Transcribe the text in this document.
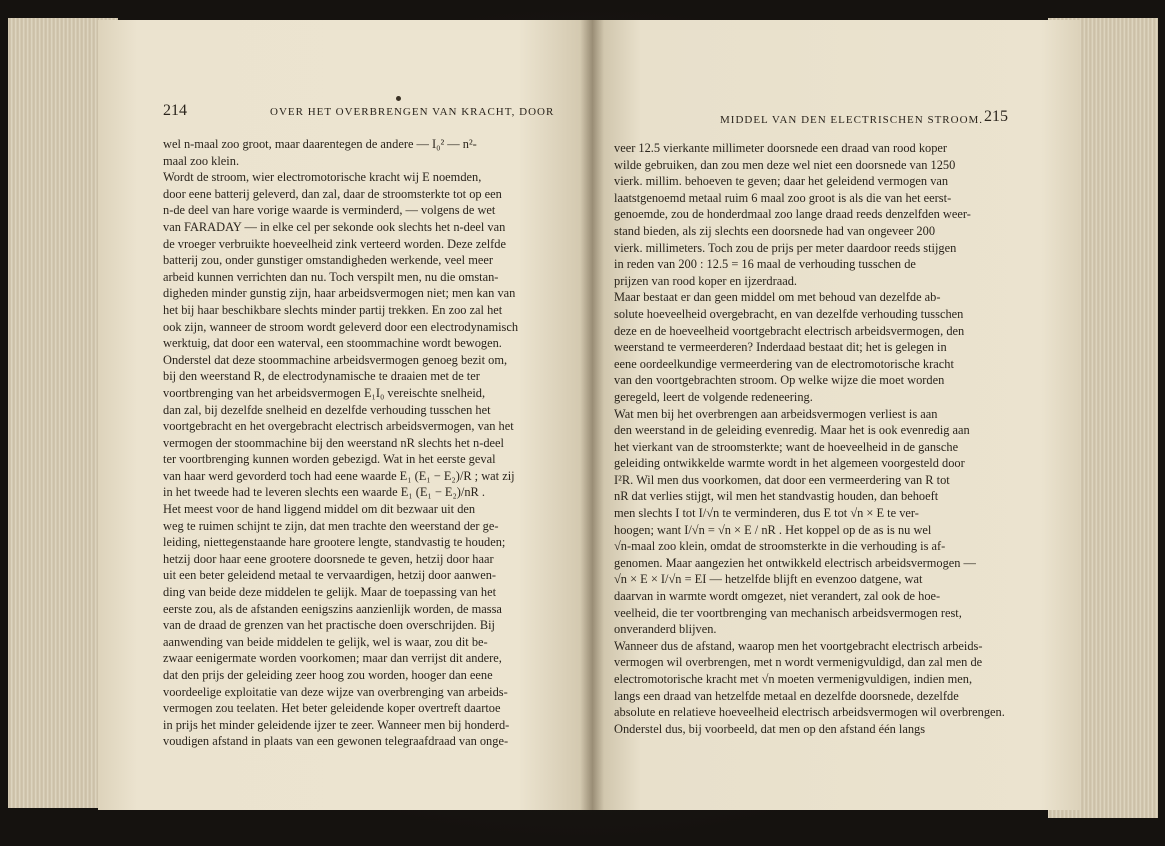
214	OVER HET OVERBRENGEN VAN KRACHT, DOOR
wel n-maal zoo groot, maar daarentegen de andere — I₀² — n²-
maal zoo klein.
Wordt de stroom, wier electromotorische kracht wij E noemden,
door eene batterij geleverd, dan zal, daar de stroomsterkte tot op een
n-de deel van hare vorige waarde is verminderd, — volgens de wet
van FARADAY — in elke cel per sekonde ook slechts het n-deel van
de vroeger verbruikte hoeveelheid zink verteerd worden. Deze zelfde
batterij zou, onder gunstiger omstandigheden werkende, veel meer
arbeid kunnen verrichten dan nu. Toch verspilt men, nu die omstan-
digheden minder gunstig zijn, haar arbeidsvermogen niet; men kan van
het bij haar beschikbare slechts minder partij trekken. En zoo zal het
ook zijn, wanneer de stroom wordt geleverd door een electrodynamisch
werktuig, dat door een waterval, een stoommachine wordt bewogen.
Onderstel dat deze stoommachine arbeidsvermogen genoeg bezit om,
bij den weerstand R, de electrodynamische te draaien met de ter
voortbrenging van het arbeidsvermogen E₁I₀ vereischte snelheid,
dan zal, bij dezelfde snelheid en dezelfde verhouding tusschen het
voortgebracht en het overgebracht electrisch arbeidsvermogen, van het
vermogen der stoommachine bij den weerstand nR slechts het n-deel
ter voortbrenging kunnen worden gebezigd. Wat in het eerste geval
van haar werd gevorderd toch had eene waarde E₁ (E₁ − E₂)/R ; wat zij
in het tweede had te leveren slechts een waarde E₁ (E₁ − E₂)/nR .
Het meest voor de hand liggend middel om dit bezwaar uit den
weg te ruimen schijnt te zijn, dat men trachte den weerstand der ge-
leiding, niettegenstaande hare grootere lengte, standvastig te houden;
hetzij door haar eene grootere doorsnede te geven, hetzij door haar
uit een beter geleidend metaal te vervaardigen, hetzij door aanwen-
ding van beide deze middelen te gelijk. Maar de toepassing van het
eerste zou, als de afstanden eenigszins aanzienlijk worden, de massa
van de draad de grenzen van het practische doen overschrijden. Bij
aanwending van beide middelen te gelijk, wel is waar, zou dit be-
zwaar eenigermate worden voorkomen; maar dan verrijst dit andere,
dat den prijs der geleiding zeer hoog zou worden, hooger dan eene
voordeelige exploitatie van deze wijze van overbrenging van arbeids-
vermogen zou teelaten. Het beter geleidende koper overtreft daartoe
in prijs het minder geleidende ijzer te zeer. Wanneer men bij honderd-
voudigen afstand in plaats van een gewonen telegraafdraad van onge-
MIDDEL VAN DEN ELECTRISCHEN STROOM. 215
veer 12.5 vierkante millimeter doorsnede een draad van rood koper
wilde gebruiken, dan zou men deze wel niet een doorsnede van 1250
vierk. millim. behoeven te geven; daar het geleidend vermogen van
laatstgenoemd metaal ruim 6 maal zoo groot is als die van het eerst-
genoemde, zou de honderdmaal zoo lange draad reeds denzelfden weer-
stand bieden, als zij slechts een doorsnede had van ongeveer 200
vierk. millimeters. Toch zou de prijs per meter daardoor reeds stijgen
in reden van 200 : 12.5 = 16 maal de verhouding tusschen de
prijzen van rood koper en ijzerdraad.
Maar bestaat er dan geen middel om met behoud van dezelfde ab-
solute hoeveelheid overgebracht, en van dezelfde verhouding tusschen
deze en de hoeveelheid voortgebracht electrisch arbeidsvermogen, den
weerstand te vermeerderen? Inderdaad bestaat dit; het is gelegen in
eene oordeelkundige vermeerdering van de electromotorische kracht
van den voortgebrachten stroom. Op welke wijze die moet worden
geregeld, leert de volgende redeneering.
Wat men bij het overbrengen aan arbeidsvermogen verliest is aan
den weerstand in de geleiding evenredig. Maar het is ook evenredig aan
het vierkant van de stroomsterkte; want de hoeveelheid in de gansche
geleiding ontwikkelde warmte wordt in het algemeen voorgesteld door
I²R. Wil men dus voorkomen, dat door een vermeerdering van R tot
nR dat verlies stijgt, wil men het standvastig houden, dan behoeft
men slechts I tot I/√n te verminderen, dus E tot √n × E te ver-
hoogen; want I/√n = √n × E / nR . Het koppel op de as is nu wel
√n-maal zoo klein, omdat de stroomsterkte in die verhouding is af-
genomen. Maar aangezien het ontwikkeld electrisch arbeidsvermogen —
√n × E × I/√n = EI — hetzelfde blijft en evenzoo datgene, wat
daarvan in warmte wordt omgezet, niet verandert, zal ook de hoe-
veelheid, die ter voortbrenging van mechanisch arbeidsvermogen rest,
onveranderd blijven.
Wanneer dus de afstand, waarop men het voortgebracht electrisch arbeids-
vermogen wil overbrengen, met n wordt vermenigvuldigd, dan zal men de
electromotorische kracht met √n moeten vermenigvuldigen, indien men,
langs een draad van hetzelfde metaal en dezelfde doorsnede, dezelfde
absolute en relatieve hoeveelheid electrisch arbeidsvermogen wil overbrengen.
Onderstel dus, bij voorbeeld, dat men op den afstand één langs
